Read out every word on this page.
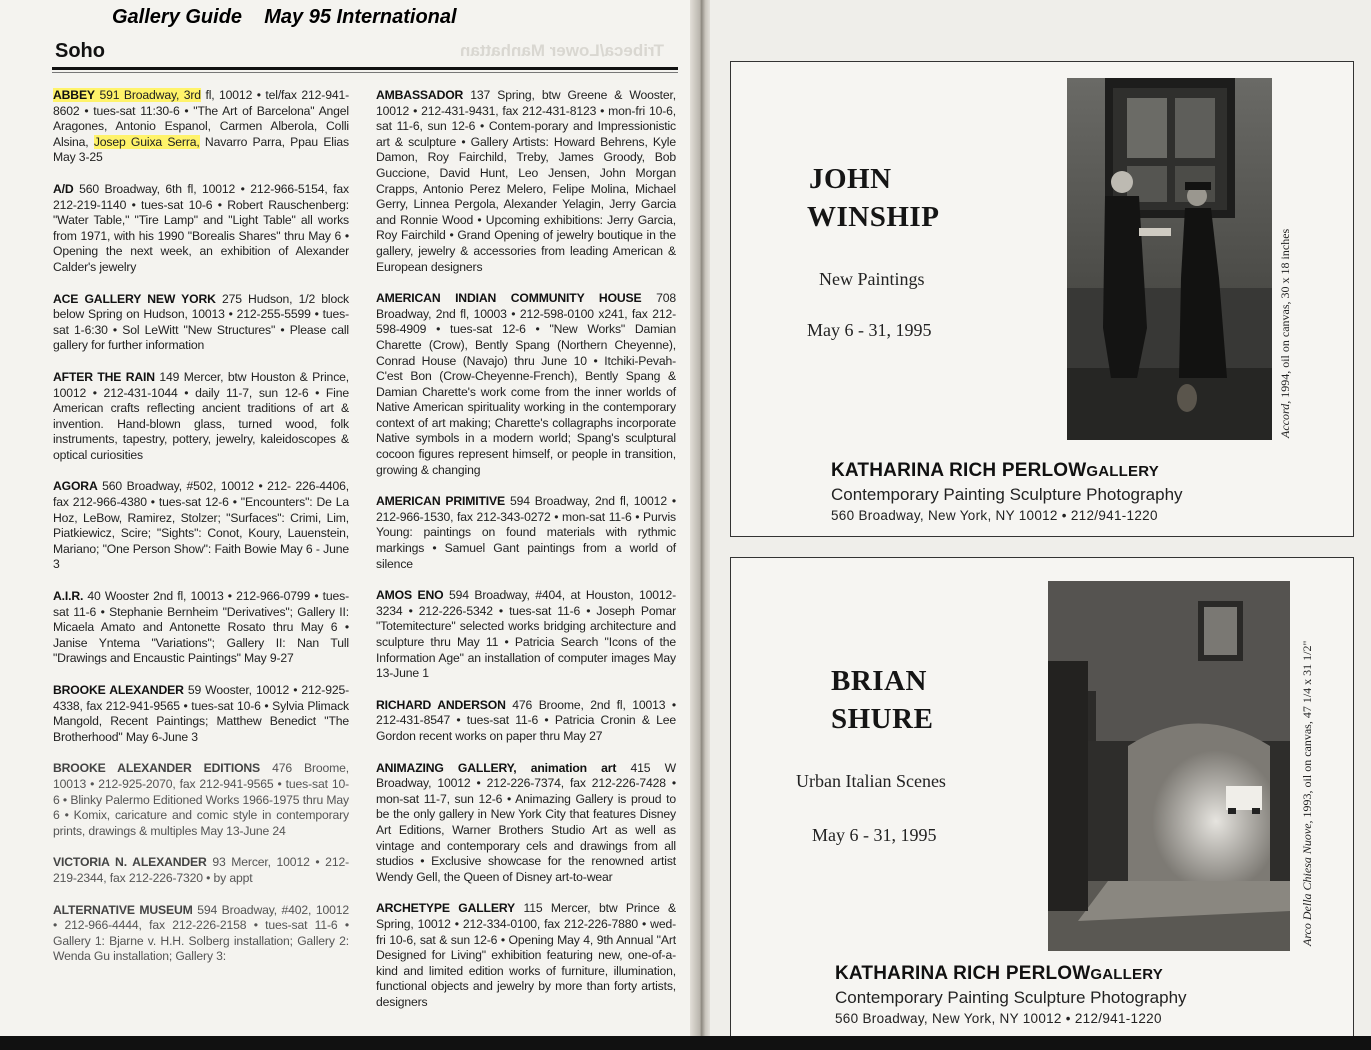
Tribeca/Lower Manhattan
Gallery Guide    May 95 International
Soho

ABBEY 591 Broadway, 3rd fl, 10012 • tel/fax 212-941-8602 • tues-sat 11:30-6 • "The Art of Barcelona" Angel Aragones, Antonio Espanol, Carmen Alberola, Colli Alsina, Josep Guixa Serra, Navarro Parra, Ppau Elias May 3-25

A/D 560 Broadway, 6th fl, 10012 • 212-966-5154, fax 212-219-1140 • tues-sat 10-6 • Robert Rauschenberg: "Water Table," "Tire Lamp" and "Light Table" all works from 1971, with his 1990 "Borealis Shares" thru May 6 • Opening the next week, an exhibition of Alexander Calder's jewelry

ACE GALLERY NEW YORK 275 Hudson, 1/2 block below Spring on Hudson, 10013 • 212-255-5599 • tues-sat 1-6:30 • Sol LeWitt "New Structures" • Please call gallery for further information

AFTER THE RAIN 149 Mercer, btw Houston & Prince, 10012 • 212-431-1044 • daily 11-7, sun 12-6 • Fine American crafts reflecting ancient traditions of art & invention. Hand-blown glass, turned wood, folk instruments, tapestry, pottery, jewelry, kaleidoscopes & optical curiosities

AGORA 560 Broadway, #502, 10012 • 212- 226-4406, fax 212-966-4380 • tues-sat 12-6 • "Encounters": De La Hoz, LeBow, Ramirez, Stolzer; "Surfaces": Crimi, Lim, Piatkiewicz, Scire; "Sights": Conot, Koury, Lauenstein, Mariano; "One Person Show": Faith Bowie May 6 - June 3

A.I.R. 40 Wooster 2nd fl, 10013 • 212-966-0799 • tues-sat 11-6 • Stephanie Bernheim "Derivatives"; Gallery II: Micaela Amato and Antonette Rosato thru May 6 • Janise Yntema "Variations"; Gallery II: Nan Tull "Drawings and Encaustic Paintings" May 9-27

BROOKE ALEXANDER 59 Wooster, 10012 • 212-925-4338, fax 212-941-9565 • tues-sat 10-6 • Sylvia Plimack Mangold, Recent Paintings; Matthew Benedict "The Brotherhood" May 6-June 3

BROOKE ALEXANDER EDITIONS 476 Broome, 10013 • 212-925-2070, fax 212-941-9565 • tues-sat 10-6 • Blinky Palermo Editioned Works 1966-1975 thru May 6 • Komix, caricature and comic style in contemporary prints, drawings & multiples May 13-June 24

VICTORIA N. ALEXANDER 93 Mercer, 10012 • 212-219-2344, fax 212-226-7320 • by appt

ALTERNATIVE MUSEUM 594 Broadway, #402, 10012 • 212-966-4444, fax 212-226-2158 • tues-sat 11-6 • Gallery 1: Bjarne v. H.H. Solberg installation; Gallery 2: Wenda Gu installation; Gallery 3:

AMBASSADOR 137 Spring, btw Greene & Wooster, 10012 • 212-431-9431, fax 212-431-8123 • mon-fri 10-6, sat 11-6, sun 12-6 • Contem-porary and Impressionistic art & sculpture • Gallery Artists: Howard Behrens, Kyle Damon, Roy Fairchild, Treby, James Groody, Bob Guccione, David Hunt, Leo Jensen, John Morgan Crapps, Antonio Perez Melero, Felipe Molina, Michael Gerry, Linnea Pergola, Alexander Yelagin, Jerry Garcia and Ronnie Wood • Upcoming exhibitions: Jerry Garcia, Roy Fairchild • Grand Opening of jewelry boutique in the gallery, jewelry & accessories from leading American & European designers

AMERICAN INDIAN COMMUNITY HOUSE 708 Broadway, 2nd fl, 10003 • 212-598-0100 x241, fax 212-598-4909 • tues-sat 12-6 • "New Works" Damian Charette (Crow), Bently Spang (Northern Cheyenne), Conrad House (Navajo) thru June 10 • Itchiki-Pevah-C'est Bon (Crow-Cheyenne-French), Bently Spang & Damian Charette's work come from the inner worlds of Native American spirituality working in the contemporary context of art making; Charette's collagraphs incorporate Native symbols in a modern world; Spang's sculptural cocoon figures represent himself, or people in transition, growing & changing

AMERICAN PRIMITIVE 594 Broadway, 2nd fl, 10012 • 212-966-1530, fax 212-343-0272 • mon-sat 11-6 • Purvis Young: paintings on found materials with rythmic markings • Samuel Gant paintings from a world of silence

AMOS ENO 594 Broadway, #404, at Houston, 10012-3234 • 212-226-5342 • tues-sat 11-6 • Joseph Pomar "Totemitecture" selected works bridging architecture and sculpture thru May 11 • Patricia Search "Icons of the Information Age" an installation of computer images May 13-June 1

RICHARD ANDERSON 476 Broome, 2nd fl, 10013 • 212-431-8547 • tues-sat 11-6 • Patricia Cronin & Lee Gordon recent works on paper thru May 27

ANIMAZING GALLERY, animation art 415 W Broadway, 10012 • 212-226-7374, fax 212-226-7428 • mon-sat 11-7, sun 12-6 • Animazing Gallery is proud to be the only gallery in New York City that features Disney Art Editions, Warner Brothers Studio Art as well as vintage and contemporary cels and drawings from all studios • Exclusive showcase for the renowned artist Wendy Gell, the Queen of Disney art-to-wear

ARCHETYPE GALLERY 115 Mercer, btw Prince & Spring, 10012 • 212-334-0100, fax 212-226-7880 • wed-fri 10-6, sat & sun 12-6 • Opening May 4, 9th Annual "Art Designed for Living" exhibition featuring new, one-of-a-kind and limited edition works of furniture, illumination, functional objects and jewelry by more than forty artists, designers

JOHN
WINSHIP
New Paintings
May 6 - 31, 1995
Accord, 1994, oil on canvas, 30 x 18 inches
KATHARINA RICH PERLOWGALLERY
Contemporary Painting Sculpture Photography
560 Broadway, New York, NY 10012 • 212/941-1220
BRIAN
SHURE
Urban Italian Scenes
May 6 - 31, 1995	Arco Della Chiesa Nuove, 1993, oil on canvas, 47 1/4 x 31 1/2"
KATHARINA RICH PERLOWGALLERY
Contemporary Painting Sculpture Photography
560 Broadway, New York, NY 10012 • 212/941-1220
